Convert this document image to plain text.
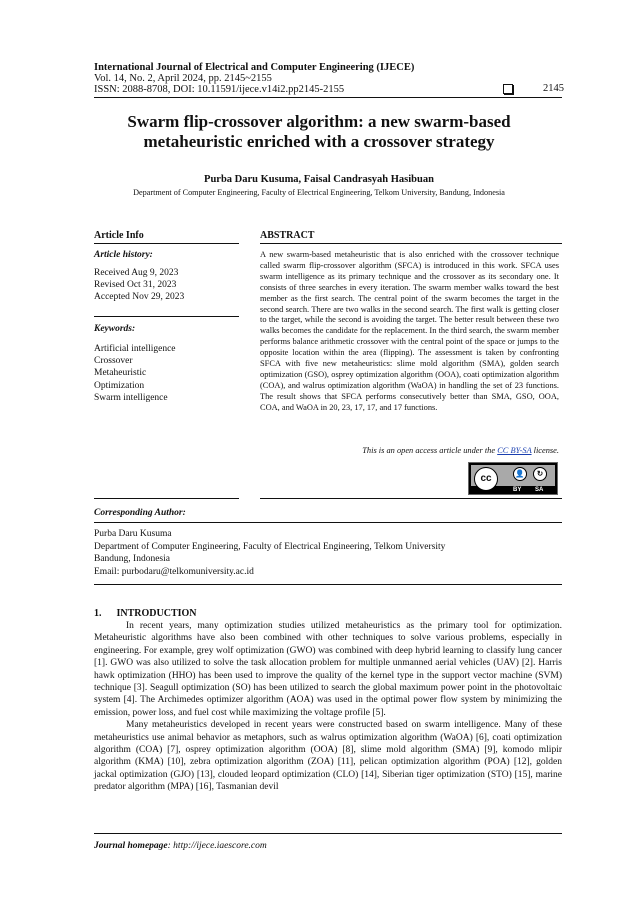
International Journal of Electrical and Computer Engineering (IJECE)
Vol. 14, No. 2, April 2024, pp. 2145~2155
ISSN: 2088-8708, DOI: 10.11591/ijece.v14i2.pp2145-2155	2145
Swarm flip-crossover algorithm: a new swarm-based
metaheuristic enriched with a crossover strategy
Purba Daru Kusuma, Faisal Candrasyah Hasibuan
Department of Computer Engineering, Faculty of Electrical Engineering, Telkom University, Bandung, Indonesia
Article Info
Article history:
Received Aug 9, 2023
Revised Oct 31, 2023
Accepted Nov 29, 2023
Keywords:
Artificial intelligence
Crossover
Metaheuristic
Optimization
Swarm intelligence
ABSTRACT
A new swarm-based metaheuristic that is also enriched with the crossover technique called swarm flip-crossover algorithm (SFCA) is introduced in this work. SFCA uses swarm intelligence as its primary technique and the crossover as its secondary one. It consists of three searches in every iteration. The swarm member walks toward the best member as the first search. The central point of the swarm becomes the target in the second search. There are two walks in the second search. The first walk is getting closer to the target, while the second is avoiding the target. The better result between these two walks becomes the candidate for the replacement. In the third search, the swarm member performs balance arithmetic crossover with the central point of the space or jumps to the opposite location within the area (flipping). The assessment is taken by confronting SFCA with five new metaheuristics: slime mold algorithm (SMA), golden search optimization (GSO), osprey optimization algorithm (OOA), coati optimization algorithm (COA), and walrus optimization algorithm (WaOA) in handling the set of 23 functions. The result shows that SFCA performs consecutively better than SMA, GSO, OOA, COA, and WaOA in 20, 23, 17, 17, and 17 functions.
This is an open access article under the CC BY-SA license.
cc	👤	↻
BY SA
Corresponding Author:
Purba Daru Kusuma
Department of Computer Engineering, Faculty of Electrical Engineering, Telkom University
Bandung, Indonesia
Email: purbodaru@telkomuniversity.ac.id
1.      INTRODUCTION

In recent years, many optimization studies utilized metaheuristics as the primary tool for optimization. Metaheuristic algorithms have also been combined with other techniques to solve various problems, especially in engineering. For example, grey wolf optimization (GWO) was combined with deep hybrid learning to classify lung cancer [1]. GWO was also utilized to solve the task allocation problem for multiple unmanned aerial vehicles (UAV) [2]. Harris hawk optimization (HHO) has been used to improve the quality of the kernel type in the support vector machine (SVM) technique [3]. Seagull optimization (SO) has been utilized to search the global maximum power point in the photovoltaic system [4]. The Archimedes optimizer algorithm (AOA) was used in the optimal power flow system by minimizing the emission, power loss, and fuel cost while maximizing the voltage profile [5].

Many metaheuristics developed in recent years were constructed based on swarm intelligence. Many of these metaheuristics use animal behavior as metaphors, such as walrus optimization algorithm (WaOA) [6], coati optimization algorithm (COA) [7], osprey optimization algorithm (OOA) [8], slime mold algorithm (SMA) [9], komodo mlipir algorithm (KMA) [10], zebra optimization algorithm (ZOA) [11], pelican optimization algorithm (POA) [12], golden jackal optimization (GJO) [13], clouded leopard optimization (CLO) [14], Siberian tiger optimization (STO) [15], marine predator algorithm (MPA) [16], Tasmanian devil

Journal homepage: http://ijece.iaescore.com
